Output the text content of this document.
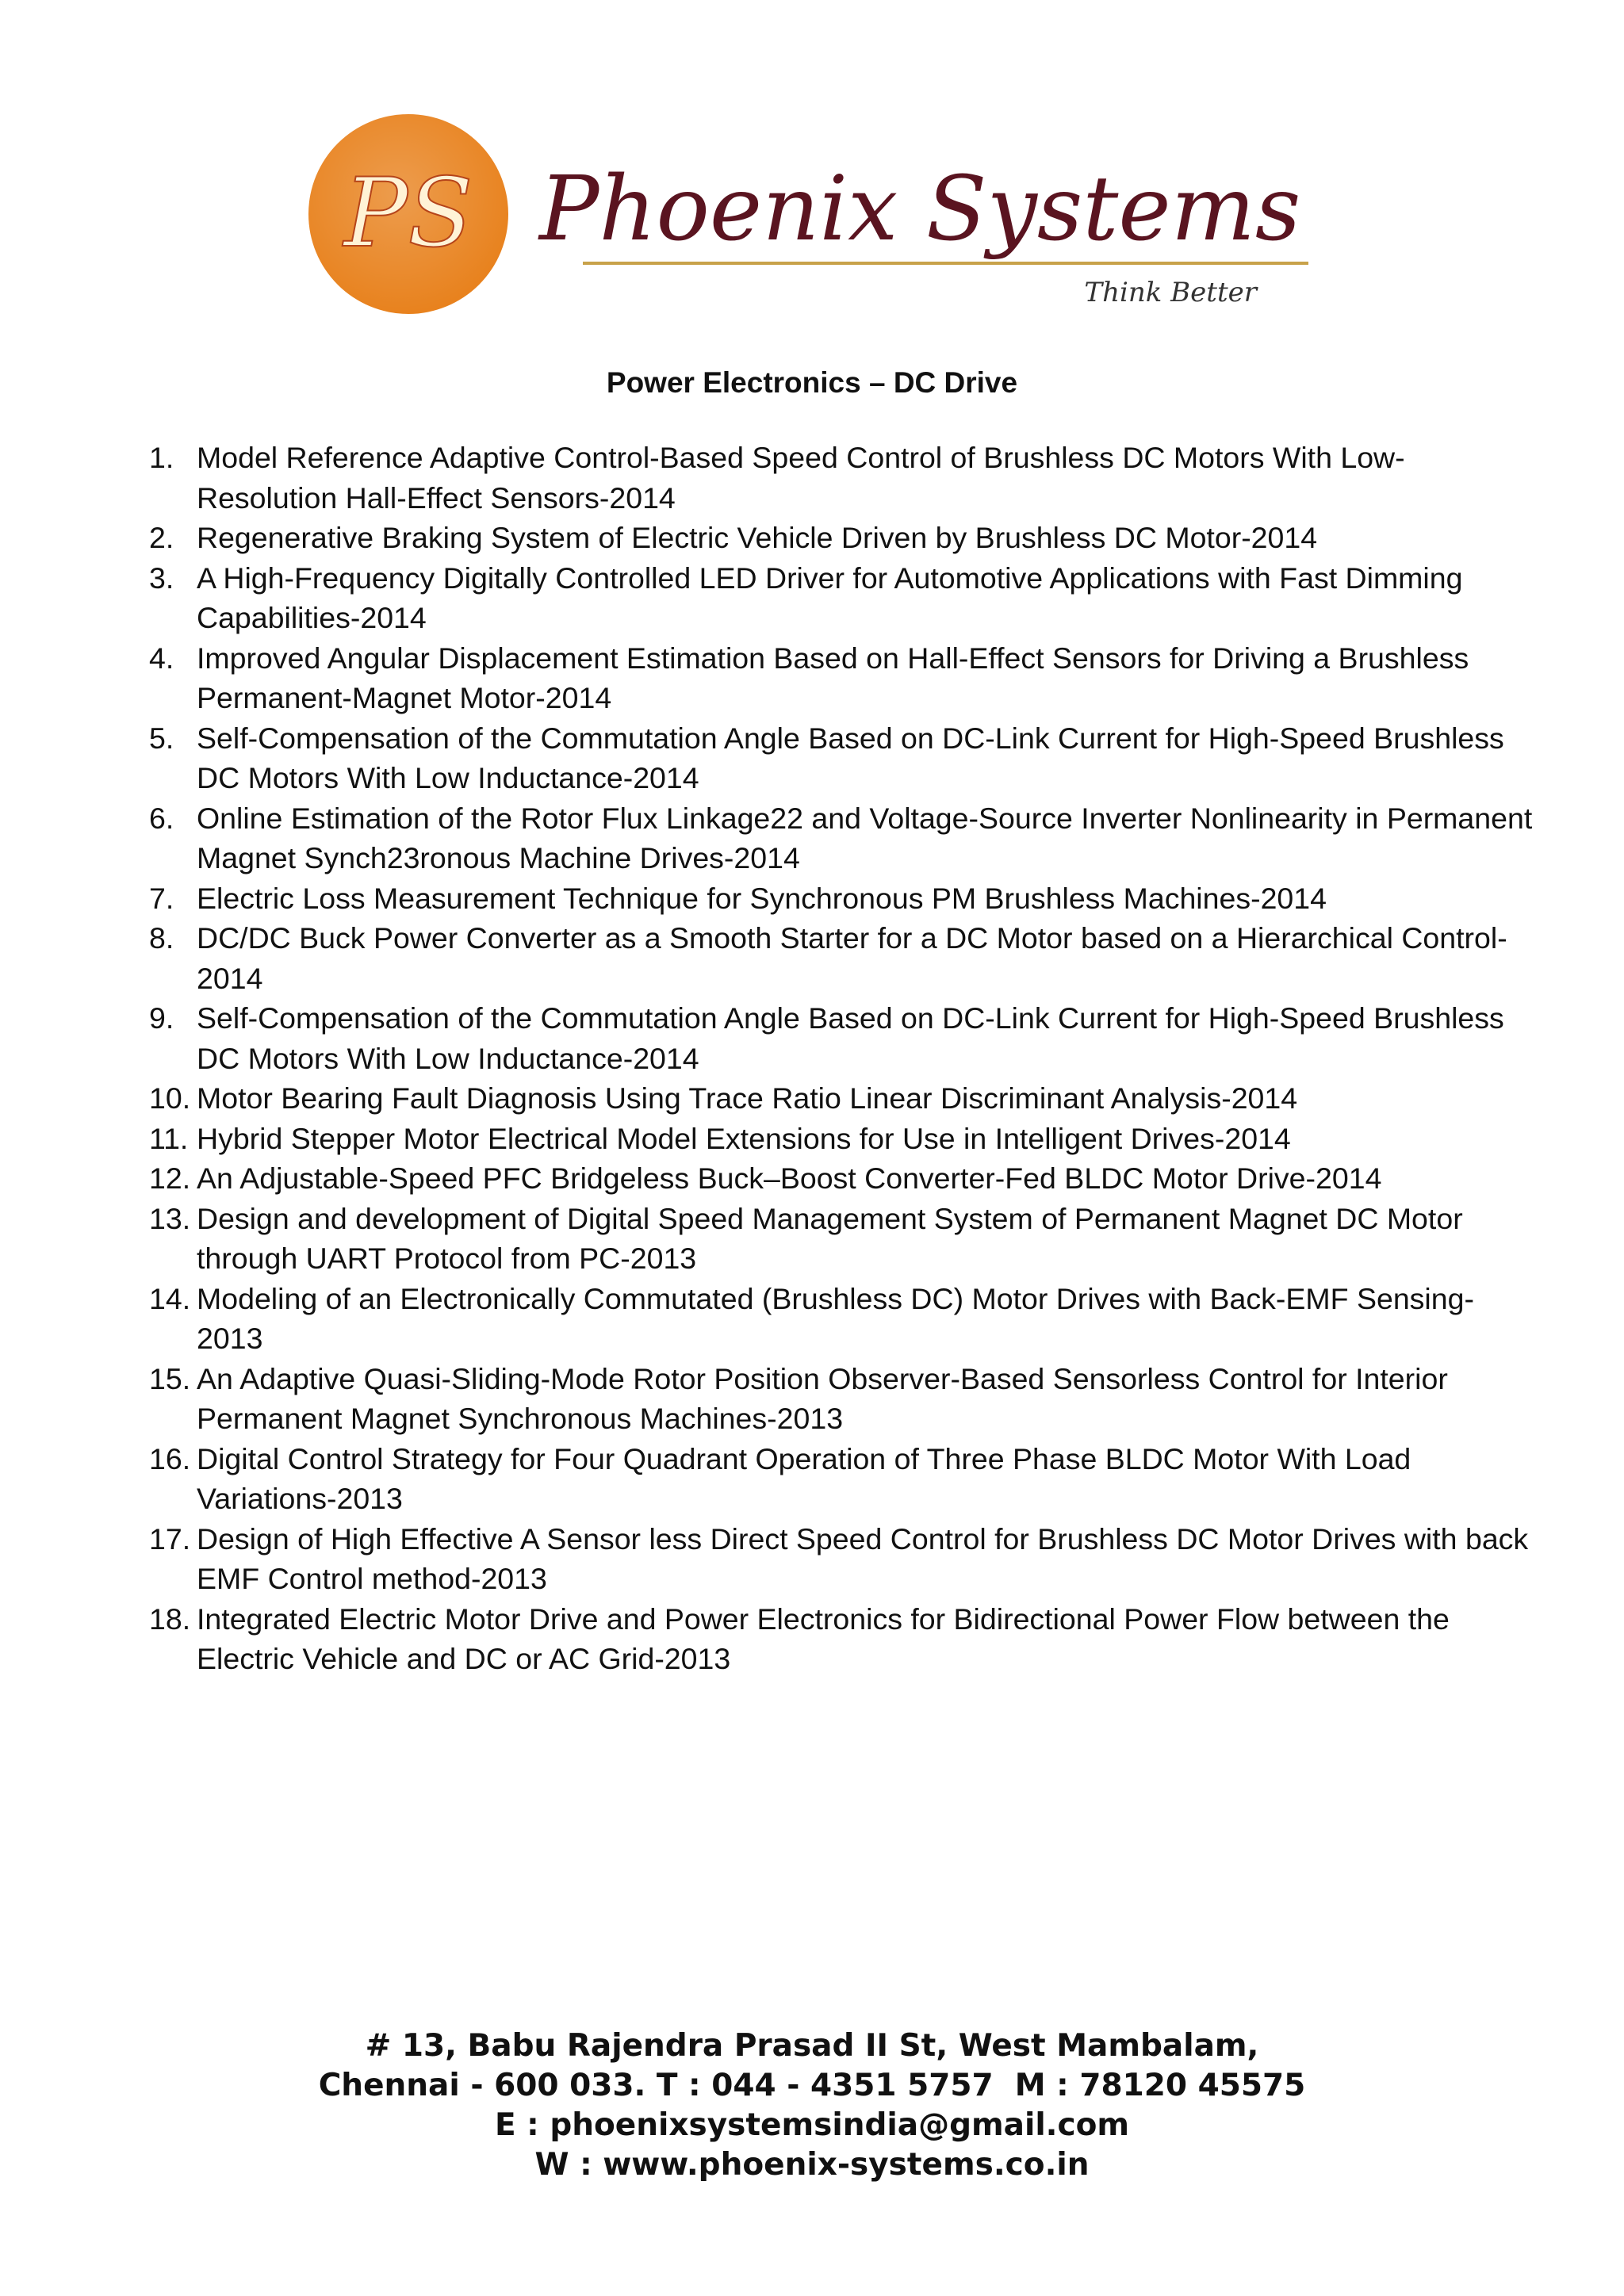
PS Phoenix Systems
Think Better
Power Electronics – DC Drive
1. Model Reference Adaptive Control-Based Speed Control of Brushless DC Motors With Low-Resolution Hall-Effect Sensors-2014
2. Regenerative Braking System of Electric Vehicle Driven by Brushless DC Motor-2014
3. A High-Frequency Digitally Controlled LED Driver for Automotive Applications with Fast Dimming Capabilities-2014
4. Improved Angular Displacement Estimation Based on Hall-Effect Sensors for Driving a Brushless Permanent-Magnet Motor-2014
5. Self-Compensation of the Commutation Angle Based on DC-Link Current for High-Speed Brushless DC Motors With Low Inductance-2014
6. Online Estimation of the Rotor Flux Linkage22 and Voltage-Source Inverter Nonlinearity in Permanent Magnet Synch23ronous Machine Drives-2014
7. Electric Loss Measurement Technique for Synchronous PM Brushless Machines-2014
8. DC/DC Buck Power Converter as a Smooth Starter for a DC Motor based on a Hierarchical Control-2014
9. Self-Compensation of the Commutation Angle Based on DC-Link Current for High-Speed Brushless DC Motors With Low Inductance-2014
10. Motor Bearing Fault Diagnosis Using Trace Ratio Linear Discriminant Analysis-2014
11. Hybrid Stepper Motor Electrical Model Extensions for Use in Intelligent Drives-2014
12. An Adjustable-Speed PFC Bridgeless Buck–Boost Converter-Fed BLDC Motor Drive-2014
13. Design and development of Digital Speed Management System of Permanent Magnet DC Motor through UART Protocol from PC-2013
14. Modeling of an Electronically Commutated (Brushless DC) Motor Drives with Back-EMF Sensing-2013
15. An Adaptive Quasi-Sliding-Mode Rotor Position Observer-Based Sensorless Control for Interior Permanent Magnet Synchronous Machines-2013
16. Digital Control Strategy for Four Quadrant Operation of Three Phase BLDC Motor With Load Variations-2013
17. Design of High Effective A Sensor less Direct Speed Control for Brushless DC Motor Drives with back EMF Control method-2013
18. Integrated Electric Motor Drive and Power Electronics for Bidirectional Power Flow between the Electric Vehicle and DC or AC Grid-2013
# 13, Babu Rajendra Prasad II St, West Mambalam,
Chennai - 600 033. T : 044 - 4351 5757  M : 78120 45575
E : phoenixsystemsindia@gmail.com
W : www.phoenix-systems.co.in
